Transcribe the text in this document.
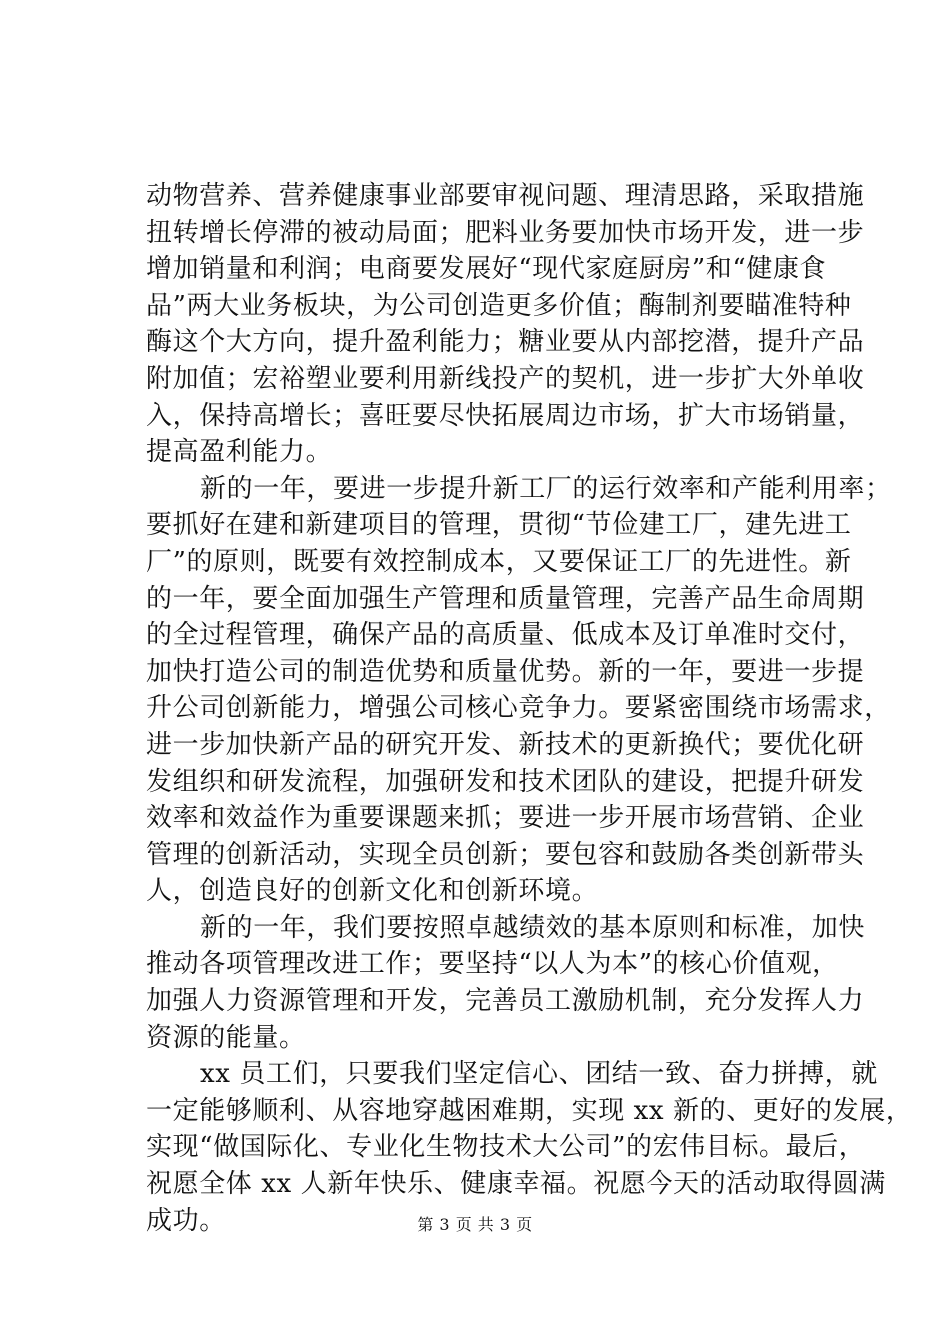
动物营养、营养健康事业部要审视问题、理清思路，采取措施
扭转增长停滞的被动局面；肥料业务要加快市场开发，进一步
增加销量和利润；电商要发展好“现代家庭厨房”和“健康食
品”两大业务板块，为公司创造更多价值；酶制剂要瞄准特种
酶这个大方向，提升盈利能力；糖业要从内部挖潜，提升产品
附加值；宏裕塑业要利用新线投产的契机，进一步扩大外单收
入，保持高增长；喜旺要尽快拓展周边市场，扩大市场销量，
提高盈利能力。
新的一年，要进一步提升新工厂的运行效率和产能利用率；
要抓好在建和新建项目的管理，贯彻“节俭建工厂，建先进工
厂”的原则，既要有效控制成本，又要保证工厂的先进性。新
的一年，要全面加强生产管理和质量管理，完善产品生命周期
的全过程管理，确保产品的高质量、低成本及订单准时交付，
加快打造公司的制造优势和质量优势。新的一年，要进一步提
升公司创新能力，增强公司核心竞争力。要紧密围绕市场需求，
进一步加快新产品的研究开发、新技术的更新换代；要优化研
发组织和研发流程，加强研发和技术团队的建设，把提升研发
效率和效益作为重要课题来抓；要进一步开展市场营销、企业
管理的创新活动，实现全员创新；要包容和鼓励各类创新带头
人，创造良好的创新文化和创新环境。
新的一年，我们要按照卓越绩效的基本原则和标准，加快
推动各项管理改进工作；要坚持“以人为本”的核心价值观，
加强人力资源管理和开发，完善员工激励机制，充分发挥人力
资源的能量。
xx 员工们，只要我们坚定信心、团结一致、奋力拼搏，就
一定能够顺利、从容地穿越困难期，实现 xx 新的、更好的发展，
实现“做国际化、专业化生物技术大公司”的宏伟目标。最后，
祝愿全体 xx 人新年快乐、健康幸福。祝愿今天的活动取得圆满
成功。	第 3 页 共 3 页
